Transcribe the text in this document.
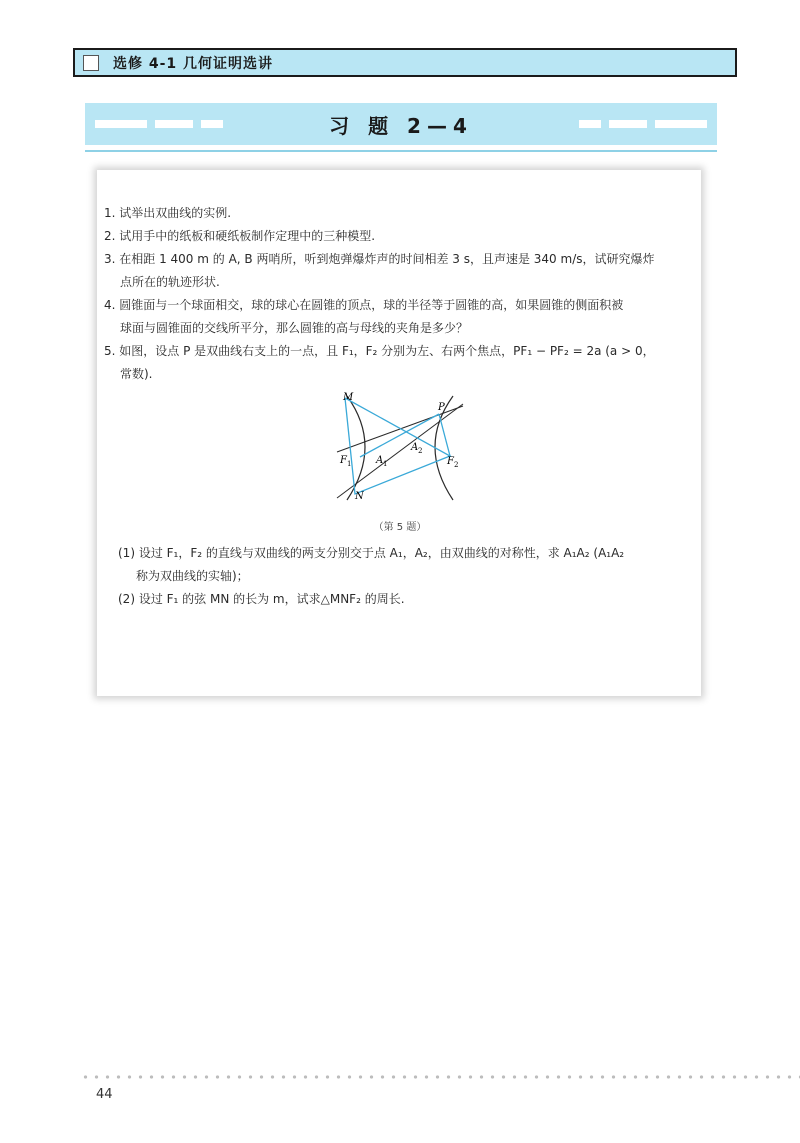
选修 4-1 几何证明选讲
习 题 2—4
1. 试举出双曲线的实例.
2. 试用手中的纸板和硬纸板制作定理中的三种模型.
3. 在相距 1 400 m 的 A, B 两哨所，听到炮弹爆炸声的时间相差 3 s，且声速是 340 m/s，试研究爆炸
点所在的轨迹形状.
4. 圆锥面与一个球面相交，球的球心在圆锥的顶点，球的半径等于圆锥的高，如果圆锥的侧面积被
球面与圆锥面的交线所平分，那么圆锥的高与母线的夹角是多少？
5. 如图，设点 P 是双曲线右支上的一点，且 F₁，F₂ 分别为左、右两个焦点，PF₁ − PF₂ = 2a (a > 0，
常数).
M
P
F 1 A 1
A 2
F 2
N
（第 5 题）
(1) 设过 F₁，F₂ 的直线与双曲线的两支分别交于点 A₁，A₂，由双曲线的对称性，求 A₁A₂ (A₁A₂
称为双曲线的实轴)；
(2) 设过 F₁ 的弦 MN 的长为 m，试求△MNF₂ 的周长.
44
